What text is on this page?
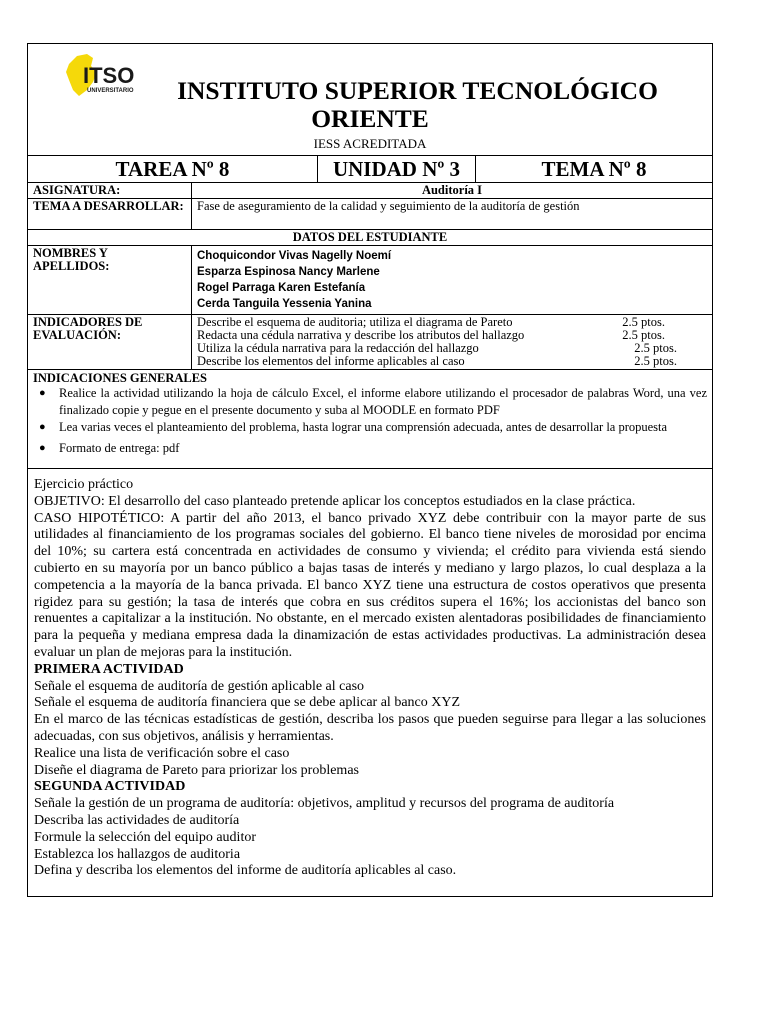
ITSO
UNIVERSITARIO	INSTITUTO SUPERIOR TECNOLÓGICO
ORIENTE
IESS ACREDITADA
TAREA Nº 8	UNIDAD Nº 3	TEMA Nº 8
ASIGNATURA:	Auditoría I
TEMA A DESARROLLAR:	Fase de aseguramiento de la calidad y seguimiento de la auditoría de gestión
DATOS DEL ESTUDIANTE
NOMBRES Y APELLIDOS:
Choquicondor Vivas Nagelly Noemí
Esparza Espinosa Nancy Marlene
Rogel Parraga Karen Estefanía
Cerda Tanguila Yessenia Yanina
INDICADORES DE EVALUACIÓN:
Describe el esquema de auditoria; utiliza el diagrama de Pareto	2.5 ptos.
Redacta una cédula narrativa y describe los atributos del hallazgo	2.5 ptos.
Utiliza la cédula narrativa para la redacción del hallazgo	2.5 ptos.
Describe los elementos del informe aplicables al caso	2.5 ptos.
INDICACIONES GENERALES
● Realice la actividad utilizando la hoja de cálculo Excel, el informe elabore utilizando el procesador de palabras Word, una vez finalizado copie y pegue en el presente documento y suba al MOODLE en formato PDF
● Lea varias veces el planteamiento del problema, hasta lograr una comprensión adecuada, antes de desarrollar la propuesta
● Formato de entrega: pdf

Ejercicio práctico

OBJETIVO: El desarrollo del caso planteado pretende aplicar los conceptos estudiados en la clase práctica.

CASO HIPOTÉTICO: A partir del año 2013, el banco privado XYZ debe contribuir con la mayor parte de sus utilidades al financiamiento de los programas sociales del gobierno. El banco tiene niveles de morosidad por encima del 10%; su cartera está concentrada en actividades de consumo y vivienda; el crédito para vivienda está siendo cubierto en su mayoría por un banco público a bajas tasas de interés y mediano y largo plazos, lo cual desplaza a la competencia a la mayoría de la banca privada. El banco XYZ tiene una estructura de costos operativos que presenta rigidez para su gestión; la tasa de interés que cobra en sus créditos supera el 16%; los accionistas del banco son renuentes a capitalizar a la institución. No obstante, en el mercado existen alentadoras posibilidades de financiamiento para la pequeña y mediana empresa dada la dinamización de estas actividades productivas. La administración desea evaluar un plan de mejoras para la institución.

PRIMERA ACTIVIDAD

Señale el esquema de auditoría de gestión aplicable al caso

Señale el esquema de auditoría financiera que se debe aplicar al banco XYZ

En el marco de las técnicas estadísticas de gestión, describa los pasos que pueden seguirse para llegar a las soluciones adecuadas, con sus objetivos, análisis y herramientas.

Realice una lista de verificación sobre el caso

Diseñe el diagrama de Pareto para priorizar los problemas

SEGUNDA ACTIVIDAD

Señale la gestión de un programa de auditoría: objetivos, amplitud y recursos del programa de auditoría

Describa las actividades de auditoría

Formule la selección del equipo auditor

Establezca los hallazgos de auditoria

Defina y describa los elementos del informe de auditoría aplicables al caso.
